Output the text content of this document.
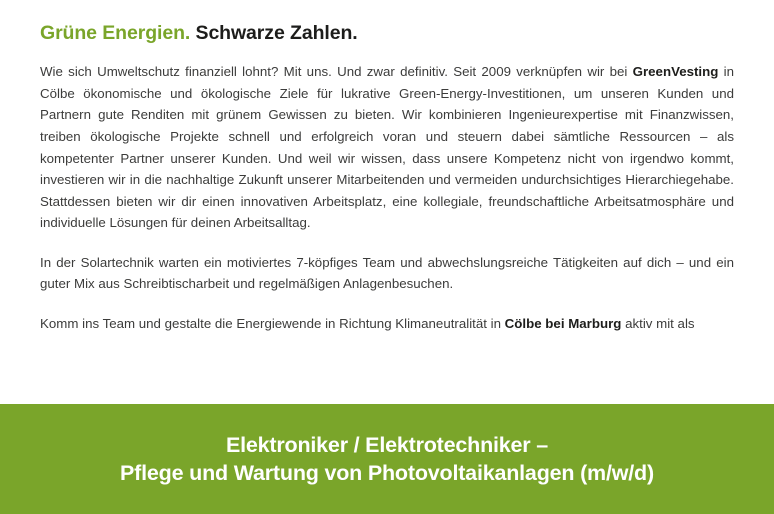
Grüne Energien. Schwarze Zahlen.

Wie sich Umweltschutz finanziell lohnt? Mit uns. Und zwar definitiv. Seit 2009 verknüpfen wir bei GreenVesting in Cölbe ökonomische und ökologische Ziele für lukrative Green-Energy-Investitionen, um unseren Kunden und Partnern gute Renditen mit grünem Gewissen zu bieten. Wir kombinieren Ingenieurexpertise mit Finanzwissen, treiben ökologische Projekte schnell und erfolgreich voran und steuern dabei sämtliche Ressourcen – als kompetenter Partner unserer Kunden. Und weil wir wissen, dass unsere Kompetenz nicht von irgendwo kommt, investieren wir in die nachhaltige Zukunft unserer Mitarbeitenden und vermeiden undurchsichtiges Hierarchiegehabe. Stattdessen bieten wir dir einen innovativen Arbeitsplatz, eine kollegiale, freundschaftliche Arbeitsatmosphäre und individuelle Lösungen für deinen Arbeitsalltag.

In der Solartechnik warten ein motiviertes 7-köpfiges Team und abwechslungsreiche Tätigkeiten auf dich – und ein guter Mix aus Schreibtischarbeit und regelmäßigen Anlagenbesuchen.

Komm ins Team und gestalte die Energiewende in Richtung Klimaneutralität in Cölbe bei Marburg aktiv mit als

Elektroniker / Elektrotechniker –
Pflege und Wartung von Photovoltaikanlagen (m/w/d)
